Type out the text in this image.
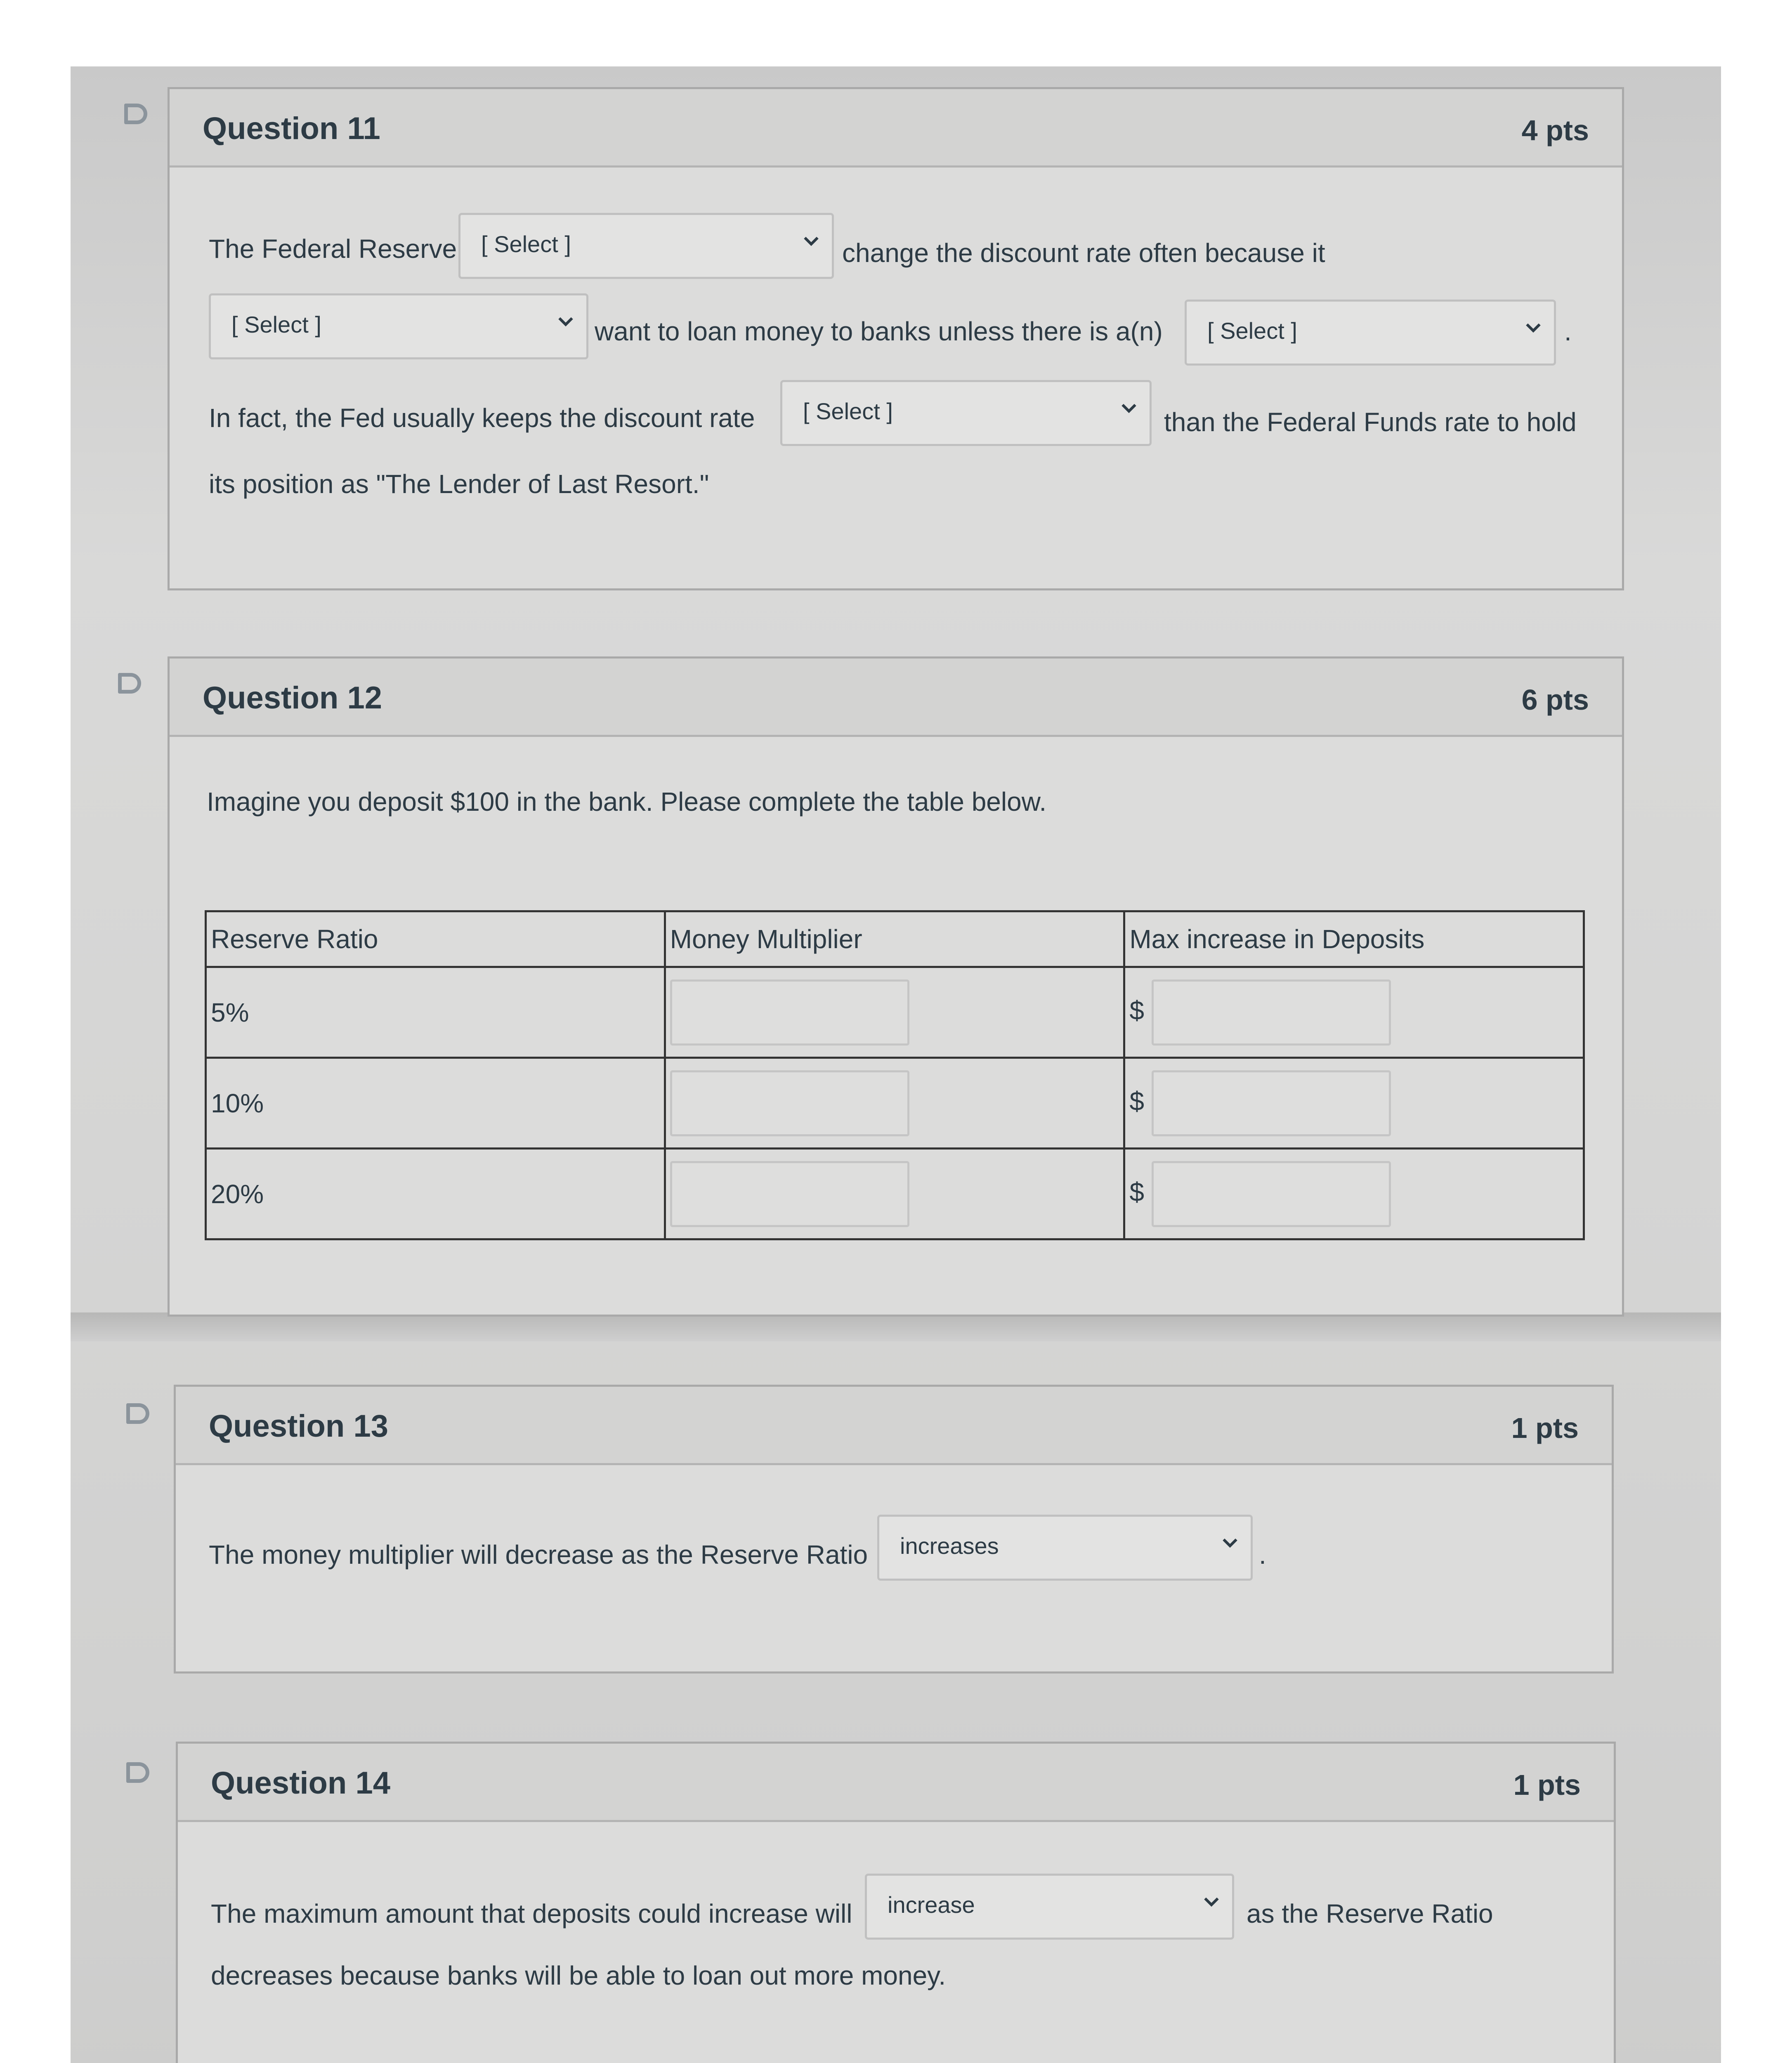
Question 11	4 pts
The Federal Reserve [ Select ]	change the discount rate often because it
[ Select ]	want to loan money to banks unless there is a(n) [ Select ]	.
In fact, the Fed usually keeps the discount rate [ Select ]	than the Federal Funds rate to hold
its position as "The Lender of Last Resort."
Question 12	6 pts
Imagine you deposit $100 in the bank. Please complete the table below.
Reserve Ratio	Money Multiplier	Max increase in Deposits
5%		$
10%		$
20%		$
Question 13	1 pts
The money multiplier will decrease as the Reserve Ratio increases	.
Question 14	1 pts
The maximum amount that deposits could increase will increase	as the Reserve Ratio
decreases because banks will be able to loan out more money.
